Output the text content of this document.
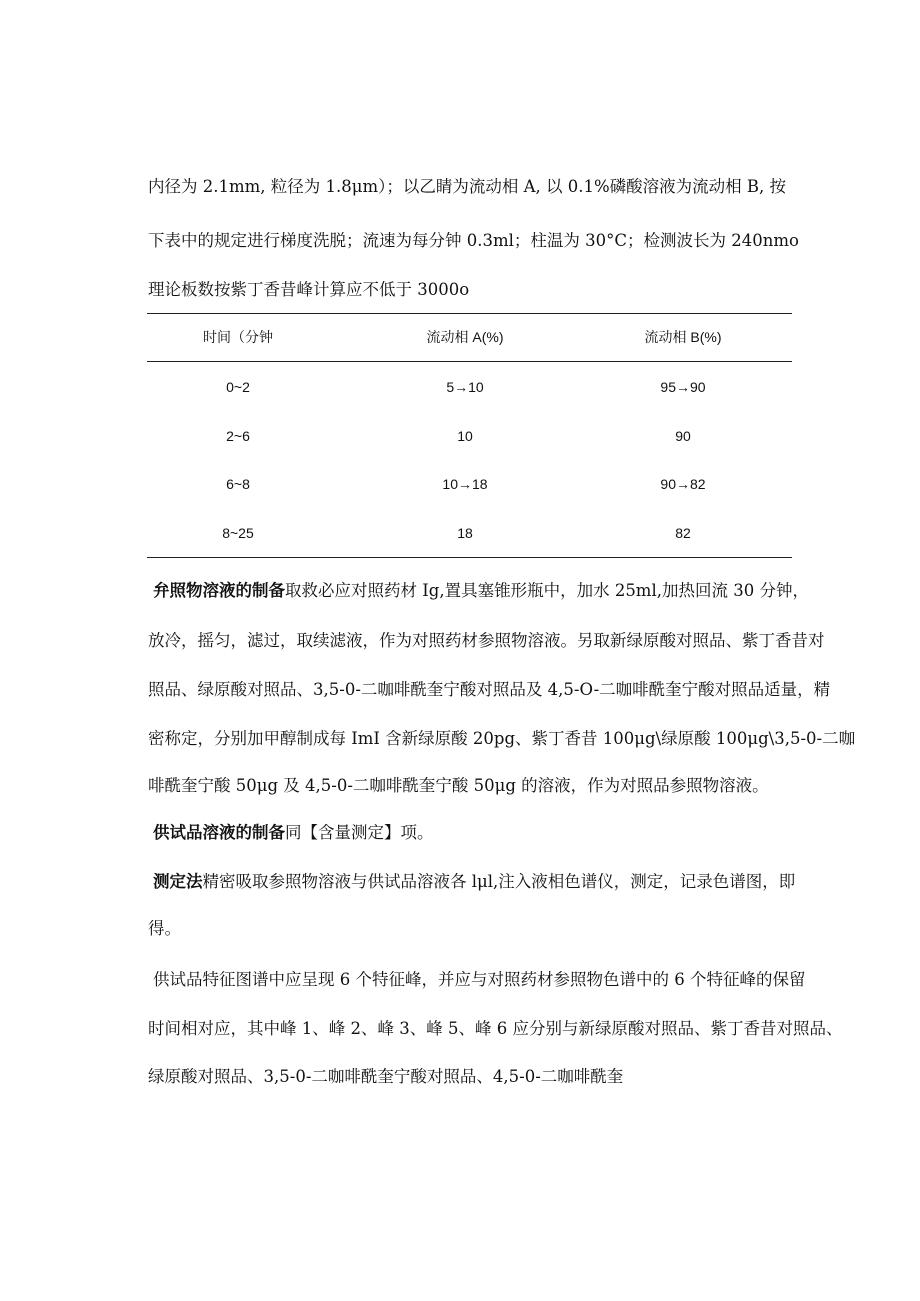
内径为 2.1mm, 粒径为 1.8μm）；以乙睛为流动相 A, 以 0.1%磷酸溶液为流动相 B, 按
下表中的规定进行梯度洗脱；流速为每分钟 0.3ml；柱温为 30°C；检测波长为 240nmo
理论板数按紫丁香昔峰计算应不低于 3000o
时间（分钟	流动相 A(%)	流动相 B(%)
0~2	5→10	95→90
2~6	10	90
6~8	10→18	90→82
8~25	18	82
弁照物溶液的制备取救必应对照药材 Ig,置具塞锥形瓶中，加水 25ml,加热回流 30 分钟，
放冷，摇匀，滤过，取续滤液，作为对照药材参照物溶液。另取新绿原酸对照品、紫丁香昔对
照品、绿原酸对照品、3,5-0-二咖啡酰奎宁酸对照品及 4,5-O-二咖啡酰奎宁酸对照品适量，精
密称定，分别加甲醇制成每 ImI 含新绿原酸 20pg、紫丁香昔 100μg\绿原酸 100μg\3,5-0-二咖
啡酰奎宁酸 50μg 及 4,5-0-二咖啡酰奎宁酸 50μg 的溶液，作为对照品参照物溶液。
供试品溶液的制备同【含量测定】项。
测定法精密吸取参照物溶液与供试品溶液各 lμl,注入液相色谱仪，测定，记录色谱图，即
得。
供试品特征图谱中应呈现 6 个特征峰，并应与对照药材参照物色谱中的 6 个特征峰的保留
时间相对应，其中峰 1、峰 2、峰 3、峰 5、峰 6 应分别与新绿原酸对照品、紫丁香昔对照品、
绿原酸对照品、3,5-0-二咖啡酰奎宁酸对照品、4,5-0-二咖啡酰奎
